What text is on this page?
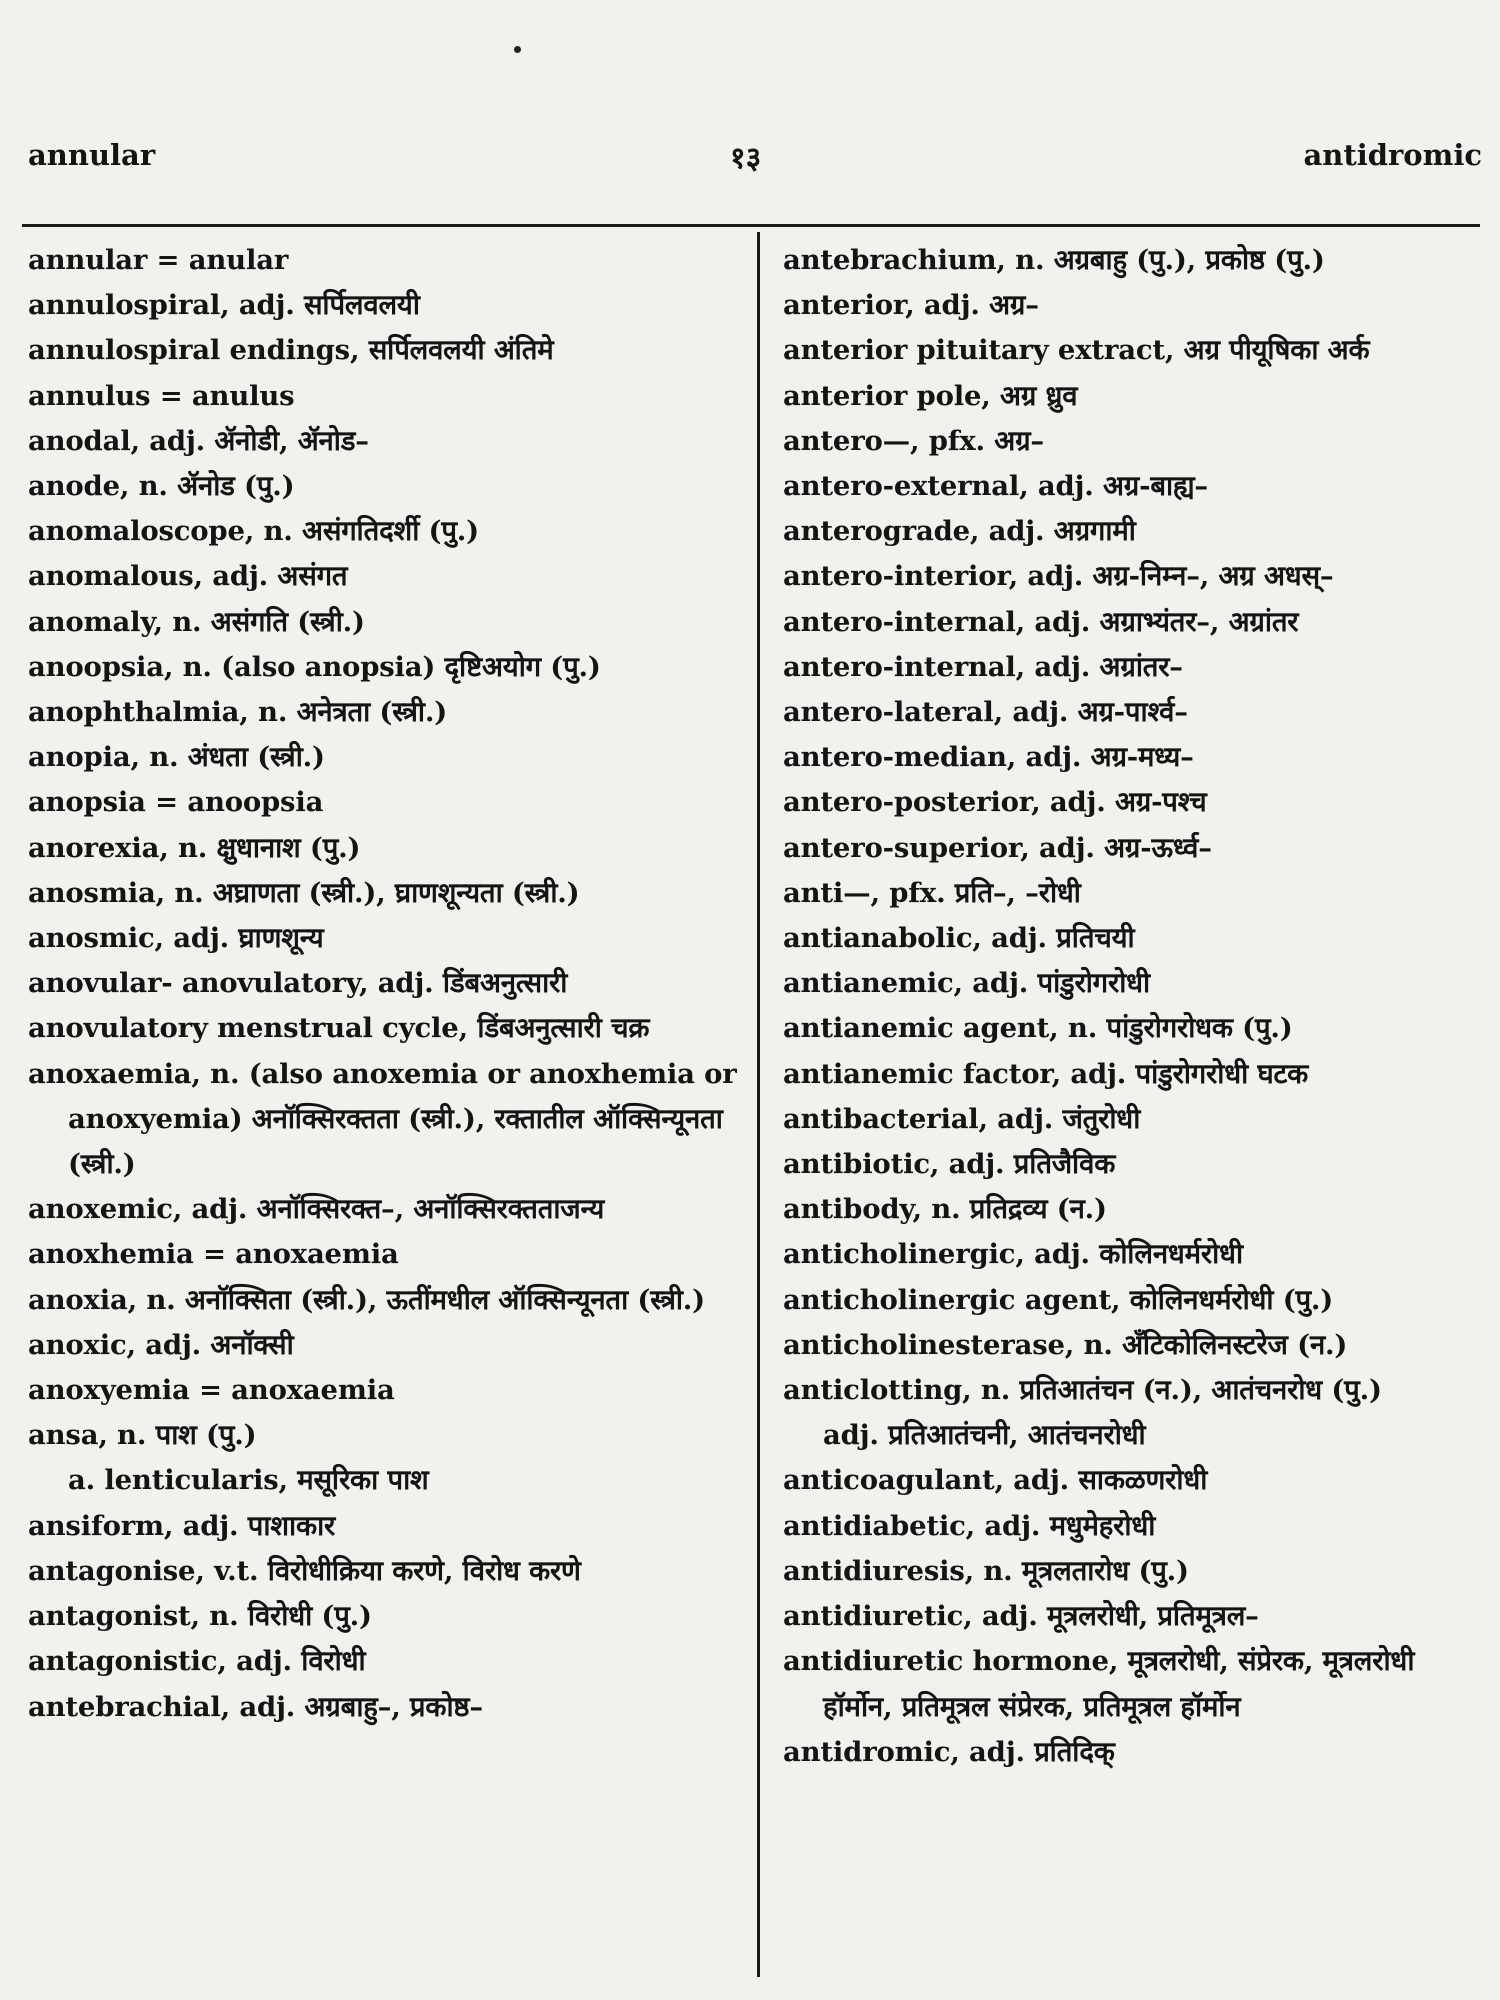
annular	१३	antidromic
annular = anular
annulospiral, adj. सर्पिलवलयी
annulospiral endings, सर्पिलवलयी अंतिमे
annulus = anulus
anodal, adj. ॲनोडी, ॲनोड–
anode, n. ॲनोड (पु.)
anomaloscope, n. असंगतिदर्शी (पु.)
anomalous, adj. असंगत
anomaly, n. असंगति (स्त्री.)
anoopsia, n. (also anopsia) दृष्टिअयोग (पु.)
anophthalmia, n. अनेत्रता (स्त्री.)
anopia, n. अंधता (स्त्री.)
anopsia = anoopsia
anorexia, n. क्षुधानाश (पु.)
anosmia, n. अघ्राणता (स्त्री.), घ्राणशून्यता (स्त्री.)
anosmic, adj. घ्राणशून्य
anovular- anovulatory, adj. डिंबअनुत्सारी
anovulatory menstrual cycle, डिंबअनुत्सारी चक्र
anoxaemia, n. (also anoxemia or anoxhemia or anoxyemia) अनॉक्सिरक्तता (स्त्री.), रक्तातील ऑक्सिन्यूनता (स्त्री.)
anoxemic, adj. अनॉक्सिरक्त–, अनॉक्सिरक्तताजन्य
anoxhemia = anoxaemia
anoxia, n. अनॉक्सिता (स्त्री.), ऊतींमधील ऑक्सिन्यूनता (स्त्री.)
anoxic, adj. अनॉक्सी
anoxyemia = anoxaemia
ansa, n. पाश (पु.)
a. lenticularis, मसूरिका पाश
ansiform, adj. पाशाकार
antagonise, v.t. विरोधीक्रिया करणे, विरोध करणे
antagonist, n. विरोधी (पु.)
antagonistic, adj. विरोधी
antebrachial, adj. अग्रबाहु–, प्रकोष्ठ–
antebrachium, n. अग्रबाहु (पु.), प्रकोष्ठ (पु.)
anterior, adj. अग्र–
anterior pituitary extract, अग्र पीयूषिका अर्क
anterior pole, अग्र ध्रुव
antero—, pfx. अग्र–
antero-external, adj. अग्र-बाह्य–
anterograde, adj. अग्रगामी
antero-interior, adj. अग्र-निम्न–, अग्र अधस्–
antero-internal, adj. अग्राभ्यंतर–, अग्रांतर
antero-internal, adj. अग्रांतर–
antero-lateral, adj. अग्र-पार्श्व–
antero-median, adj. अग्र-मध्य–
antero-posterior, adj. अग्र-पश्च
antero-superior, adj. अग्र-ऊर्ध्व–
anti—, pfx. प्रति–, –रोधी
antianabolic, adj. प्रतिचयी
antianemic, adj. पांडुरोगरोधी
antianemic agent, n. पांडुरोगरोधक (पु.)
antianemic factor, adj. पांडुरोगरोधी घटक
antibacterial, adj. जंतुरोधी
antibiotic, adj. प्रतिजैविक
antibody, n. प्रतिद्रव्य (न.)
anticholinergic, adj. कोलिनधर्मरोधी
anticholinergic agent, कोलिनधर्मरोधी (पु.)
anticholinesterase, n. ॲंटिकोलिनस्टरेज (न.)
anticlotting, n. प्रतिआतंचन (न.), आतंचनरोध (पु.)
adj. प्रतिआतंचनी, आतंचनरोधी
anticoagulant, adj. साकळणरोधी
antidiabetic, adj. मधुमेहरोधी
antidiuresis, n. मूत्रलतारोध (पु.)
antidiuretic, adj. मूत्रलरोधी, प्रतिमूत्रल–
antidiuretic hormone, मूत्रलरोधी, संप्रेरक, मूत्रलरोधी हॉर्मोन, प्रतिमूत्रल संप्रेरक, प्रतिमूत्रल हॉर्मोन
antidromic, adj. प्रतिदिक्
